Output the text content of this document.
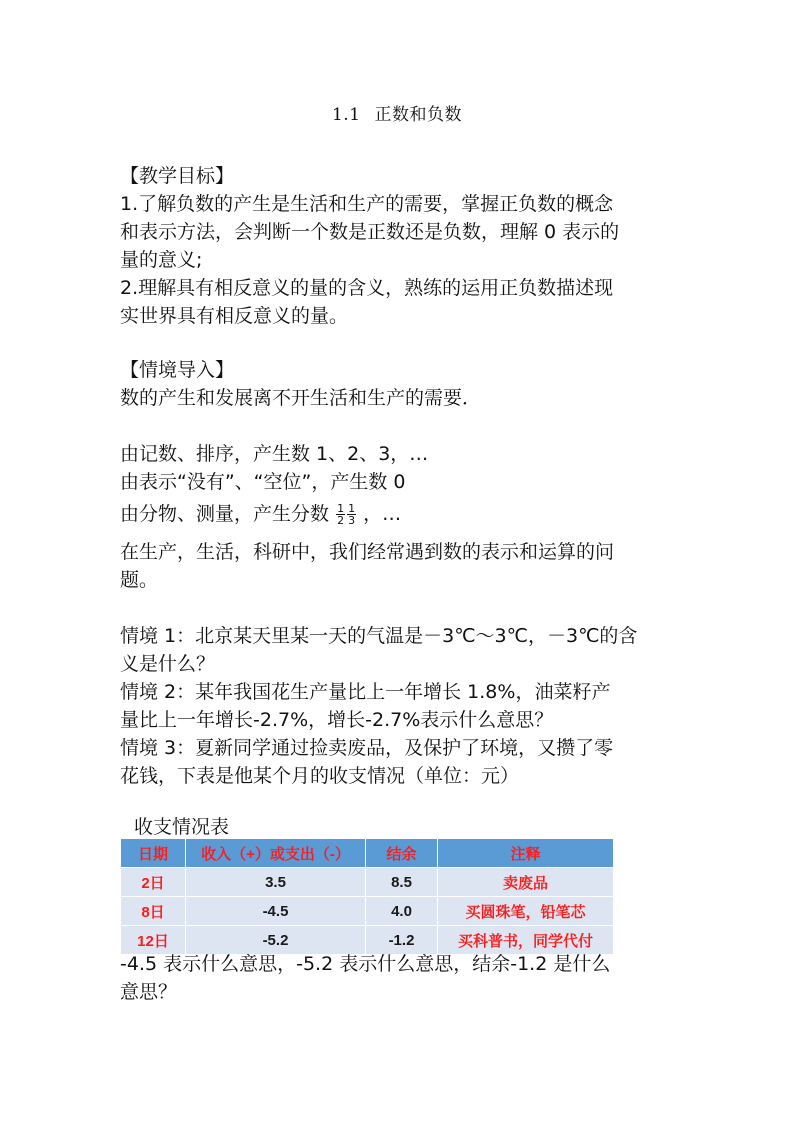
1.1 正数和负数
【教学目标】
1.了解负数的产生是生活和生产的需要，掌握正负数的概念
和表示方法，会判断一个数是正数还是负数，理解 0 表示的
量的意义;
2.理解具有相反意义的量的含义，熟练的运用正负数描述现
实世界具有相反意义的量。
【情境导入】
数的产生和发展离不开生活和生产的需要．
由记数、排序，产生数 1、2、3，…
由表示“没有”、“空位”，产生数 0
由分物、测量，产生分数 $\frac{1}{2} \frac{1}{3}$ ，…
在生产，生活，科研中，我们经常遇到数的表示和运算的问
题。
情境 1：北京某天里某一天的气温是－3℃～3℃，－3℃的含
义是什么？
情境 2：某年我国花生产量比上一年增长 1.8%，油菜籽产
量比上一年增长-2.7%，增长-2.7%表示什么意思？
情境 3：夏新同学通过捡卖废品，及保护了环境，又攒了零
花钱，下表是他某个月的收支情况（单位：元）
收支情况表
日期	收入（+）或支出（-）	结余	注释
2日	3.5	8.5	卖废品
8日	-4.5	4.0	买圆珠笔，铅笔芯
12日	-5.2	-1.2	买科普书，同学代付
-4.5 表示什么意思，-5.2 表示什么意思，结余-1.2 是什么
意思？
